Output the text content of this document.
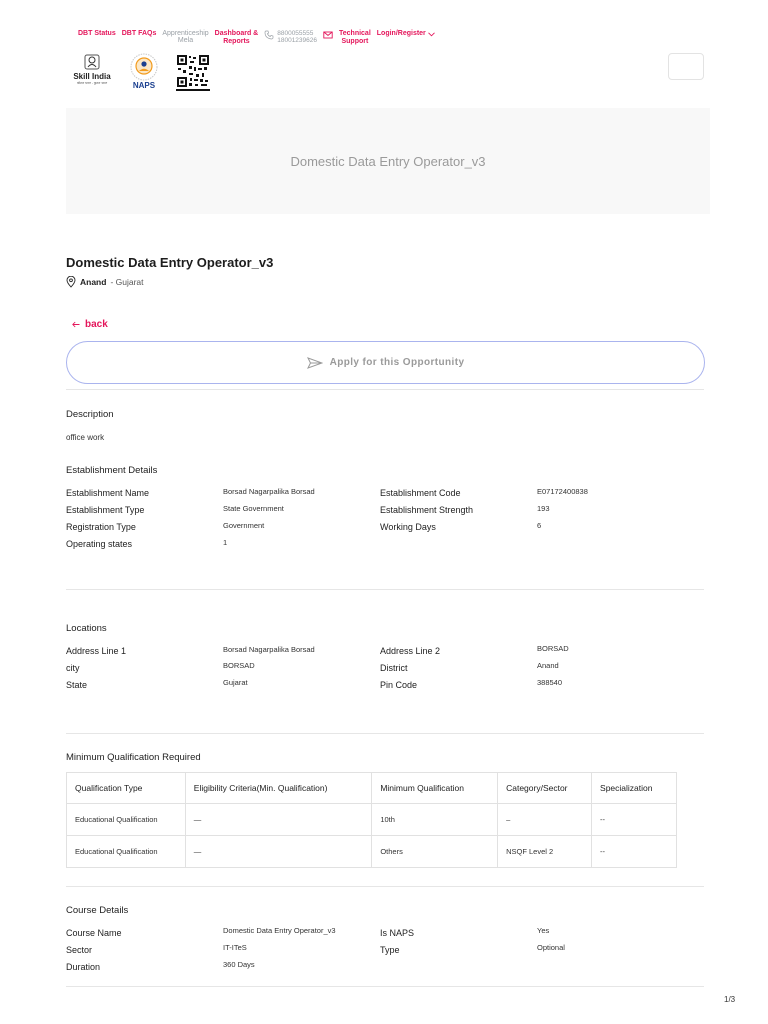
DBT Status DBT FAQs Apprenticeship
Mela
Dashboard &
Reports
8800055555
18001239626
Technical
Support
Login/Register
Skill India
कौशल भारत - कुशल भारत	NAPS
Domestic Data Entry Operator_v3
Domestic Data Entry Operator_v3
Anand - Gujarat
back
Apply for this Opportunity
Description
office work
Establishment Details
Establishment Name	Borsad Nagarpalika Borsad
Establishment Type	State Government
Registration Type	Government
Operating states	1
Establishment Code	E07172400838
Establishment Strength	193
Working Days	6
Locations
Address Line 1	Borsad Nagarpalika Borsad
city	BORSAD
State	Gujarat
Address Line 2	BORSAD
District	Anand
Pin Code	388540
Minimum Qualification Required
Qualification Type	Eligibility Criteria(Min. Qualification)	Minimum Qualification	Category/Sector	Specialization
Educational Qualification	—	10th	–	--
Educational Qualification	—	Others	NSQF Level 2	--
Course Details
Course Name	Domestic Data Entry Operator_v3
Sector	IT-ITeS
Duration	360 Days
Is NAPS	Yes
Type	Optional
1/3
